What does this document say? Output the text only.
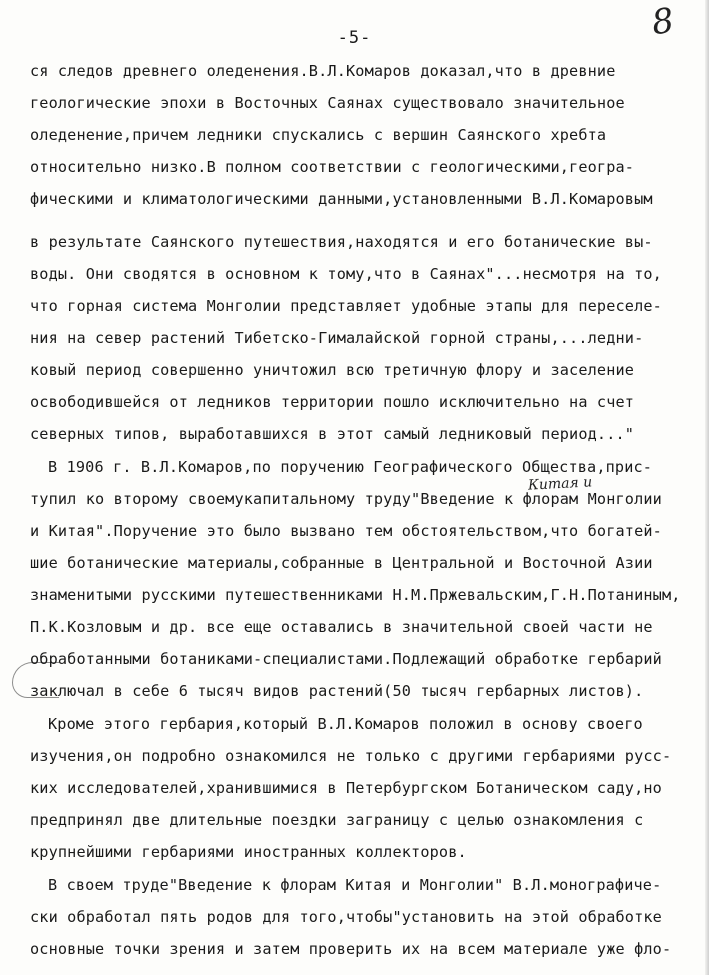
-5-	8
Китая и
ся следов древнего оледенения.В.Л.Комаров доказал,что в древние
геологические эпохи в Восточных Саянах существовало значительное
оледенение,причем ледники спускались с вершин Саянского хребта
относительно низко.В полном соответствии с геологическими,геогра-
фическими и климатологическими данными,установленными В.Л.Комаровым
в результате Саянского путешествия,находятся и его ботанические вы-
воды. Они сводятся в основном к тому,что в Саянах"...несмотря на то,
что горная система Монголии представляет удобные этапы для переселе-
ния на север растений Тибетско-Гималайской горной страны,...ледни-
ковый период совершенно уничтожил всю третичную флору и заселение
освободившейся от ледников территории пошло исключительно на счет
северных типов, выработавшихся в этот самый ледниковый период..."
В 1906 г. В.Л.Комаров,по поручению Географического Общества,прис-
тупил ко второму своемукапитальному труду"Введение к флорам Монголии
и Китая".Поручение это было вызвано тем обстоятельством,что богатей-
шие ботанические материалы,собранные в Центральной и Восточной Азии
знаменитыми русскими путешественниками Н.М.Пржевальским,Г.Н.Потаниным,
П.К.Козловым и др. все еще оставались в значительной своей части не
обработанными ботаниками-специалистами.Подлежащий обработке гербарий
заключал в себе 6 тысяч видов растений(50 тысяч гербарных листов).
Кроме этого гербария,который В.Л.Комаров положил в основу своего
изучения,он подробно ознакомился не только с другими гербариями русс-
ких исследователей,хранившимися в Петербургском Ботаническом саду,но
предпринял две длительные поездки заграницу с целью ознакомления с
крупнейшими гербариями иностранных коллекторов.
В своем труде"Введение к флорам Китая и Монголии" В.Л.монографиче-
ски обработал пять родов для того,чтобы"установить на этой обработке
основные точки зрения и затем проверить их на всем материале уже фло-
